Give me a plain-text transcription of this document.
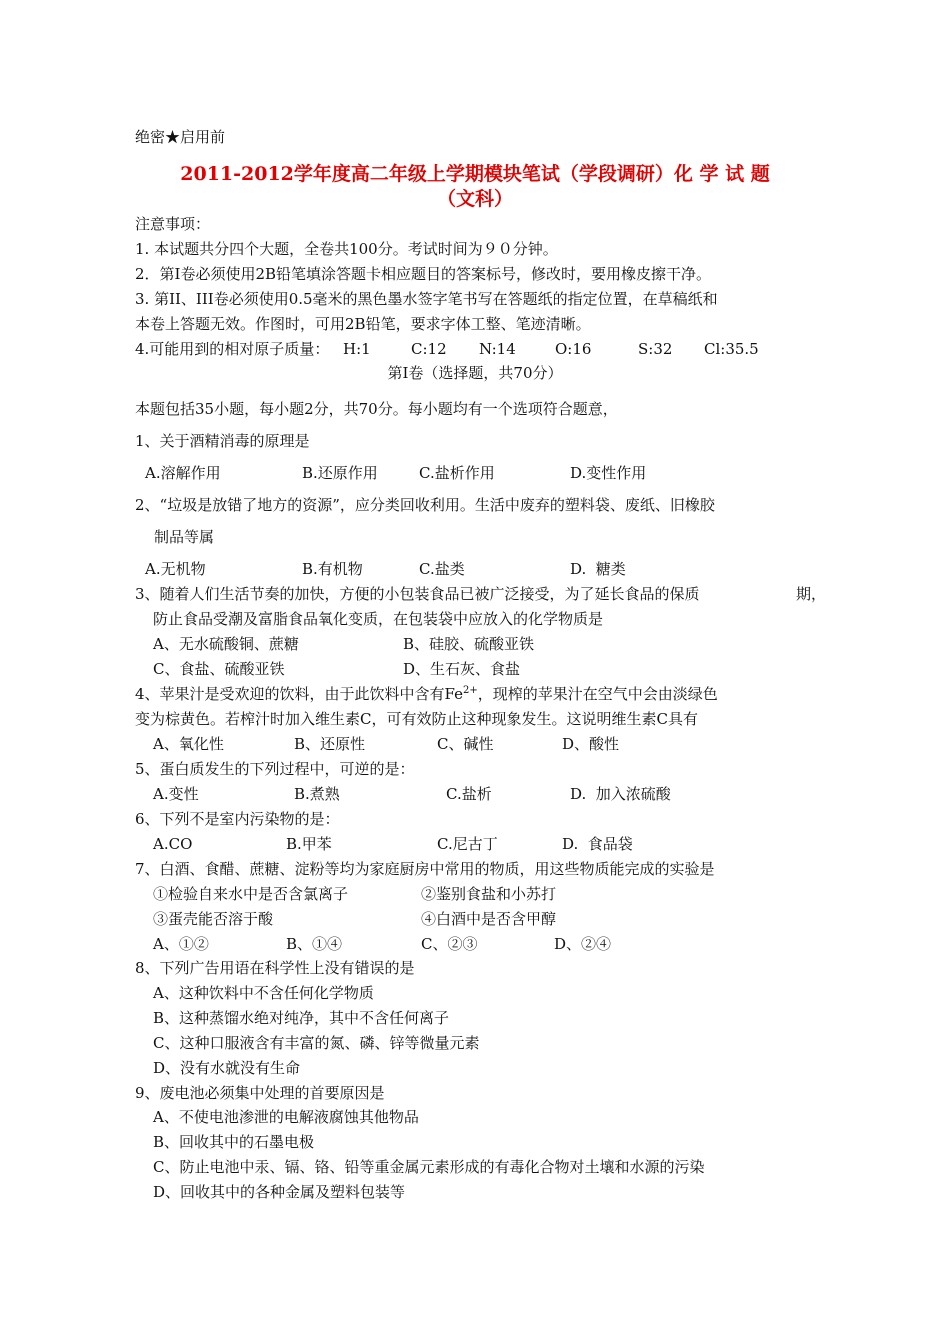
绝密★启用前
2011-2012学年度高二年级上学期模块笔试（学段调研）化 学 试 题
（文科）
注意事项：
1. 本试题共分四个大题，全卷共100分。考试时间为９０分钟。
2．第Ⅰ卷必须使用2B铅笔填涂答题卡相应题目的答案标号，修改时，要用橡皮擦干净。
3. 第II、III卷必须使用0.5毫米的黑色墨水签字笔书写在答题纸的指定位置，在草稿纸和
本卷上答题无效。作图时，可用2B铅笔，要求字体工整、笔迹清晰。
4.可能用到的相对原子质量： H:1	C:12 N:14	O:16	S:32 Cl:35.5
第Ⅰ卷（选择题，共70分）
本题包括35小题，每小题2分，共70分。每小题均有一个选项符合题意，
1、关于酒精消毒的原理是
A.溶解作用	B.还原作用	C.盐析作用	D.变性作用
2、“垃圾是放错了地方的资源”，应分类回收利用。生活中废弃的塑料袋、废纸、旧橡胶
制品等属
A.无机物	B.有机物	C.盐类	D.  糖类
3、随着人们生活节奏的加快，方便的小包装食品已被广泛接受，为了延长食品的保质	期，
防止食品受潮及富脂食品氧化变质，在包装袋中应放入的化学物质是
A、无水硫酸铜、蔗糖	B、硅胶、硫酸亚铁
C、食盐、硫酸亚铁	D、生石灰、食盐
4、苹果汁是受欢迎的饮料，由于此饮料中含有$Fe^{2+}$，现榨的苹果汁在空气中会由淡绿色
变为棕黄色。若榨汁时加入维生素C，可有效防止这种现象发生。这说明维生素C具有
A、氧化性	B、还原性	C、碱性	D、酸性
5、蛋白质发生的下列过程中，可逆的是：
A.变性	B.煮熟	C.盐析	D.  加入浓硫酸
6、下列不是室内污染物的是：
A.CO	B.甲苯	C.尼古丁	D.  食品袋
7、白酒、食醋、蔗糖、淀粉等均为家庭厨房中常用的物质，用这些物质能完成的实验是
①检验自来水中是否含氯离子	②鉴别食盐和小苏打
③蛋壳能否溶于酸	④白酒中是否含甲醇
A、①②	B、①④	C、②③	D、②④
8、下列广告用语在科学性上没有错误的是
A、这种饮料中不含任何化学物质
B、这种蒸馏水绝对纯净，其中不含任何离子
C、这种口服液含有丰富的氮、磷、锌等微量元素
D、没有水就没有生命
9、废电池必须集中处理的首要原因是
A、不使电池渗泄的电解液腐蚀其他物品
B、回收其中的石墨电极
C、防止电池中汞、镉、铬、铅等重金属元素形成的有毒化合物对土壤和水源的污染
D、回收其中的各种金属及塑料包装等
